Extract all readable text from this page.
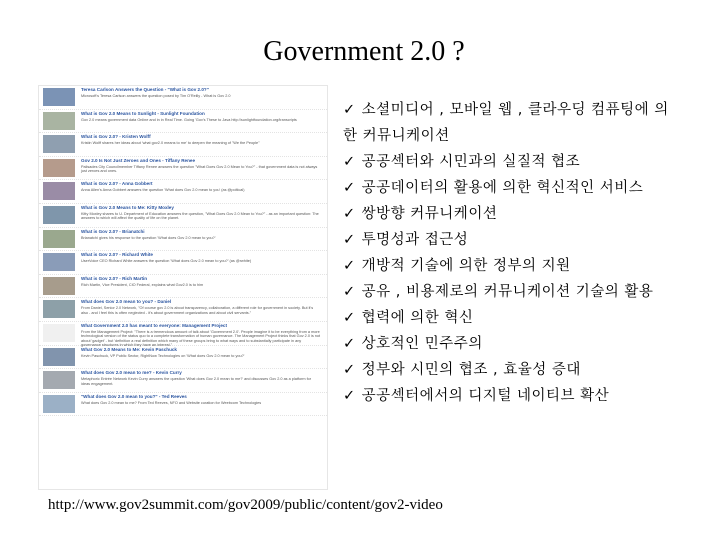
Government 2.0 ?
Teresa Carlson Answers the Question - "What is Gov 2.0?"
Microsoft's Teresa Carlson answers the question posed by Tim O'Reilly - What is Gov 2.0
What is Gov 2.0 Means to Sunlight - Sunlight Foundation
Gov 2.0 means government data Online and in in Real Time. Going 'Gov's These to Java http://sunlightfoundation.org/transcripts
What is Gov 2.0? - Kristen Wolff
Kristin Wolff shares her ideas about 'what gov2.0 means to me' to deepen the meaning of "We the People"
Gov 2.0 Is Not Just Zeroes and Ones - Tiffany Renee
Palisades City Councilmember Tiffany Renee answers the question "What Does Gov 2.0 Mean to You?" - that government data is not always just zeroes and ones.
What is Gov 2.0? - Anna Gobbert
Anna Allen's Anna Gobbert answers the question 'What does Gov 2.0 mean to you' (as @poltical)
What is Gov 2.0 Means to Me: Kitty Moxley
Kitty Moxley shares to U. Department of Education answers the question, "What Does Gov 2.0 Mean to You?" - as an important question: The answers to which will affect the quality of life on the planet.
What is Gov 2.0? - Brianatchi
Brianatchi gives his response to the question 'What does Gov 2.0 mean to you?'
What is Gov 2.0? - Richard White
UserVoice CEO Richard White answers the question 'What does Gov 2.0 mean to you?' (as @rwhite)
What is Gov 2.0? - Rich Martin
Rich Martin, Vice President, CIO Federal, explains what Gov2.0 is to him
What does Gov 2.0 mean to you? - Daniel
From Daniel, Senior 2.0 Network, "Of course gov 2.0 is about transparency, collaboration, a different role for government in society. But it's also - and I feel this is often neglected - it's about government organizations and about civil servants."
What Government 2.0 has meant to everyone: Management Project
From the Management Project: "There is a tremendous amount of talk about 'Government 2.0'. People imagine it to be everything from a more technological version of the status quo to a complete transformation of human governance. The Management Project thinks that Gov 2.0 is not about 'gadget' - but 'definition a real definition which many of these groups bring to what ways and to substantially participate in any governance structures in which they have an interest."
What Gov 2.0 Means to Me: Kevin Paschuck
Kevin Paschuck, VP Public Sector, RightNow Technologies on 'What does Gov 2.0 mean to you?'
What does Gov 2.0 mean to me? - Kevin Curry
Metaphoric Entrée Network Kevin Curry answers the question 'What does Gov 2.0 mean to me?' and discusses Gov 2.0 as a platform for ideas engagement.
"What does Gov 2.0 mean to you?" - Ted Reeves
What does Gov 2.0 mean to me? From Ted Reeves, NFO and Website curation for Weebcom Technologies
✓ 소셜미디어 , 모바일 웹 , 클라우딩 컴퓨팅에 의한 커뮤니케이션
✓ 공공섹터와 시민과의 실질적 협조
✓ 공공데이터의 활용에 의한 혁신적인 서비스
✓ 쌍방향 커뮤니케이션
✓ 투명성과 접근성
✓ 개방적 기술에 의한 정부의 지원
✓ 공유 , 비용제로의 커뮤니케이션 기술의 활용
✓ 협력에 의한 혁신
✓ 상호적인 민주주의
✓ 정부와 시민의 협조 , 효율성 증대
✓ 공공섹터에서의 디지털 네이티브 확산
http://www.gov2summit.com/gov2009/public/content/gov2-video
